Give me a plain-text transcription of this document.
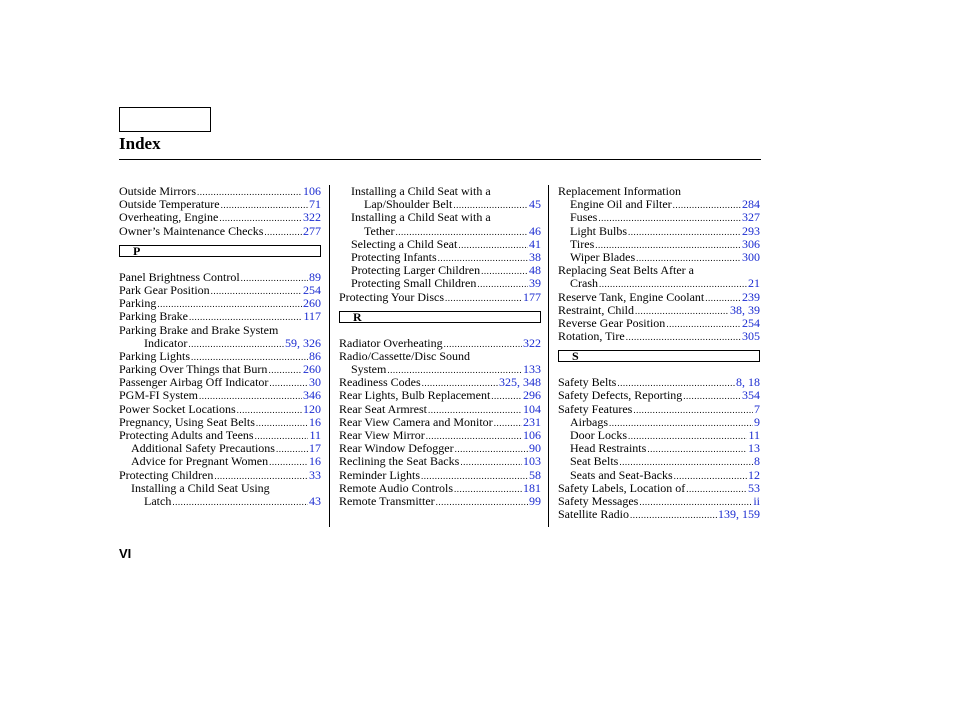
Index
Outside Mirrors .....	106
Outside Temperature .....	71
Overheating, Engine .....	322
Owner’s Maintenance Checks .....	277
P
Panel Brightness Control .....	89
Park Gear Position .....	254
Parking .....	260
Parking Brake .....	117
Parking Brake and Brake System
Indicator .....	59, 326
Parking Lights .....	86
Parking Over Things that Burn .....	260
Passenger Airbag Off Indicator .....	30
PGM-FI System .....	346
Power Socket Locations .....	120
Pregnancy, Using Seat Belts .....	16
Protecting Adults and Teens .....	11
Additional Safety Precautions .....	17
Advice for Pregnant Women .....	16
Protecting Children .....	33
Installing a Child Seat Using
Latch .....	43
Installing a Child Seat with a
Lap/Shoulder Belt .....	45
Installing a Child Seat with a
Tether .....	46
Selecting a Child Seat .....	41
Protecting Infants .....	38
Protecting Larger Children .....	48
Protecting Small Children .....	39
Protecting Your Discs .....	177
R
Radiator Overheating .....	322
Radio/Cassette/Disc Sound
System .....	133
Readiness Codes .....	325, 348
Rear Lights, Bulb Replacement .....	296
Rear Seat Armrest .....	104
Rear View Camera and Monitor .....	231
Rear View Mirror .....	106
Rear Window Defogger .....	90
Reclining the Seat Backs .....	103
Reminder Lights .....	58
Remote Audio Controls .....	181
Remote Transmitter .....	99
Replacement Information
Engine Oil and Filter .....	284
Fuses .....	327
Light Bulbs .....	293
Tires .....	306
Wiper Blades .....	300
Replacing Seat Belts After a
Crash .....	21
Reserve Tank, Engine Coolant .....	239
Restraint, Child .....	38, 39
Reverse Gear Position .....	254
Rotation, Tire .....	305
S
Safety Belts .....	8, 18
Safety Defects, Reporting .....	354
Safety Features .....	7
Airbags .....	9
Door Locks .....	11
Head Restraints .....	13
Seat Belts .....	8
Seats and Seat-Backs .....	12
Safety Labels, Location of .....	53
Safety Messages .....	ii
Satellite Radio .....	139, 159
VI
